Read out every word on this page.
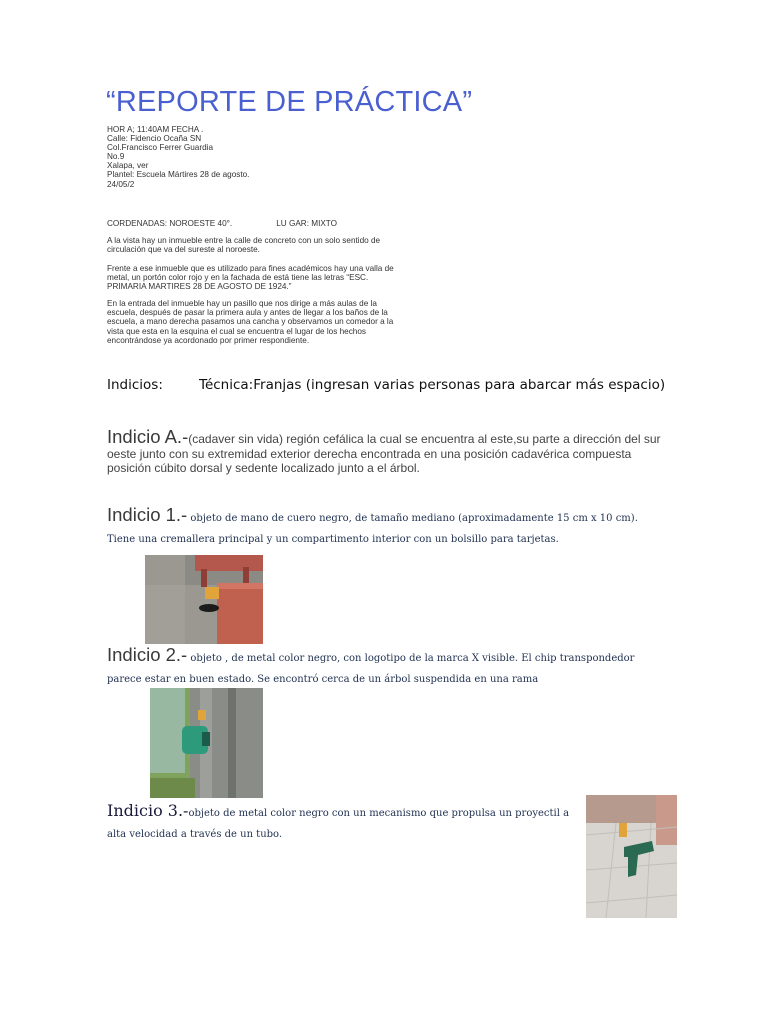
“REPORTE DE PRÁCTICA”
HOR A; 11:40AM FECHA .
Calle: Fidencio Ocaña SN
Col.Francisco Ferrer Guardia
No.9
Xalapa, ver
Plantel: Escuela Mártires 28 de agosto.
24/05/2
CORDENADAS: NOROESTE 40°.	LU GAR: MIXTO
A la vista hay un inmueble entre la calle de concreto con un solo sentido de circulación que va del sureste al noroeste.
Frente a ese inmueble que es utilizado para fines académicos hay una valla de metal, un portón color rojo y en la fachada de está tiene las letras “ESC. PRIMARIA MARTIRES 28 DE AGOSTO DE 1924.”
En la entrada del inmueble hay un pasillo que nos dirige a más aulas de la escuela, después de pasar la primera aula y antes de llegar a los baños de la escuela, a mano derecha pasamos una cancha y observamos un comedor a la vista que esta en la esquina el cual se encuentra el lugar de los hechos encontrándose ya acordonado por primer respondiente.
Indicios:	Técnica:Franjas (ingresan varias personas para abarcar más espacio)
Indicio A.-(cadaver sin vida) región cefálica la cual se encuentra al este,su parte a dirección del sur oeste junto con su extremidad exterior derecha encontrada en una posición cadavérica compuesta posición cúbito dorsal y sedente localizado junto a el árbol.
Indicio 1.- objeto de mano de cuero negro, de tamaño mediano (aproximadamente 15 cm x 10 cm). Tiene una cremallera principal y un compartimento interior con un bolsillo para tarjetas.
Indicio 2.- objeto , de metal color negro, con logotipo de la marca X visible. El chip transpondedor parece estar en buen estado. Se encontró cerca de un árbol suspendida en una rama
Indicio 3.-objeto de metal color negro con un mecanismo que propulsa un proyectil a alta velocidad a través de un tubo.
